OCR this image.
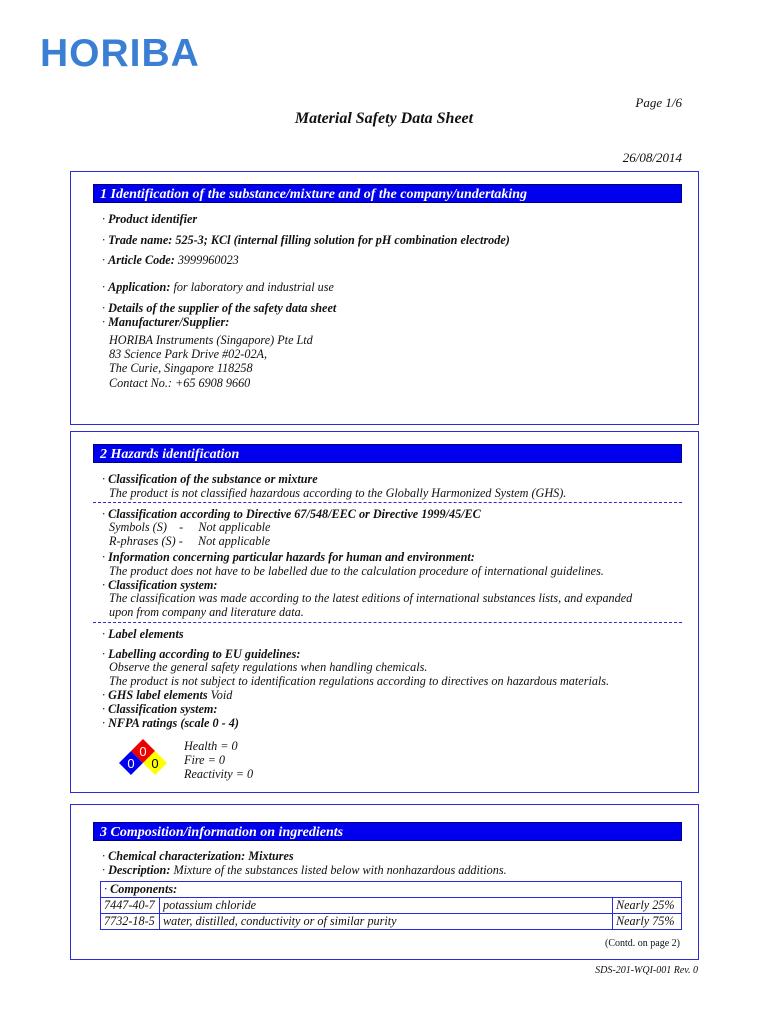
HORIBA
Page 1/6
Material Safety Data Sheet
26/08/2014
1 Identification of the substance/mixture and of the company/undertaking
· Product identifier
· Trade name: 525-3; KCl (internal filling solution for pH combination electrode)
· Article Code: 3999960023
· Application: for laboratory and industrial use
· Details of the supplier of the safety data sheet
· Manufacturer/Supplier:
HORIBA Instruments (Singapore) Pte Ltd
83 Science Park Drive #02-02A,
The Curie, Singapore 118258
Contact No.: +65 6908 9660
2 Hazards identification
· Classification of the substance or mixture
The product is not classified hazardous according to the Globally Harmonized System (GHS).
· Classification according to Directive 67/548/EEC or Directive 1999/45/EC
Symbols (S)    -     Not applicable
R-phrases (S) -     Not applicable
· Information concerning particular hazards for human and environment:
The product does not have to be labelled due to the calculation procedure of international guidelines.
· Classification system:
The classification was made according to the latest editions of international substances lists, and expanded
upon from company and literature data.
· Label elements
· Labelling according to EU guidelines:
Observe the general safety regulations when handling chemicals.
The product is not subject to identification regulations according to directives on hazardous materials.
· GHS label elements Void
· Classification system:
· NFPA ratings (scale 0 - 4)
0
0 0
Health = 0
Fire = 0
Reactivity = 0
3 Composition/information on ingredients
· Chemical characterization: Mixtures
· Description: Mixture of the substances listed below with nonhazardous additions.
· Components:		
7447-40-7	potassium chloride	Nearly 25%
7732-18-5	water, distilled, conductivity or of similar purity	Nearly 75%
(Contd. on page 2)
SDS-201-WQI-001 Rev. 0
